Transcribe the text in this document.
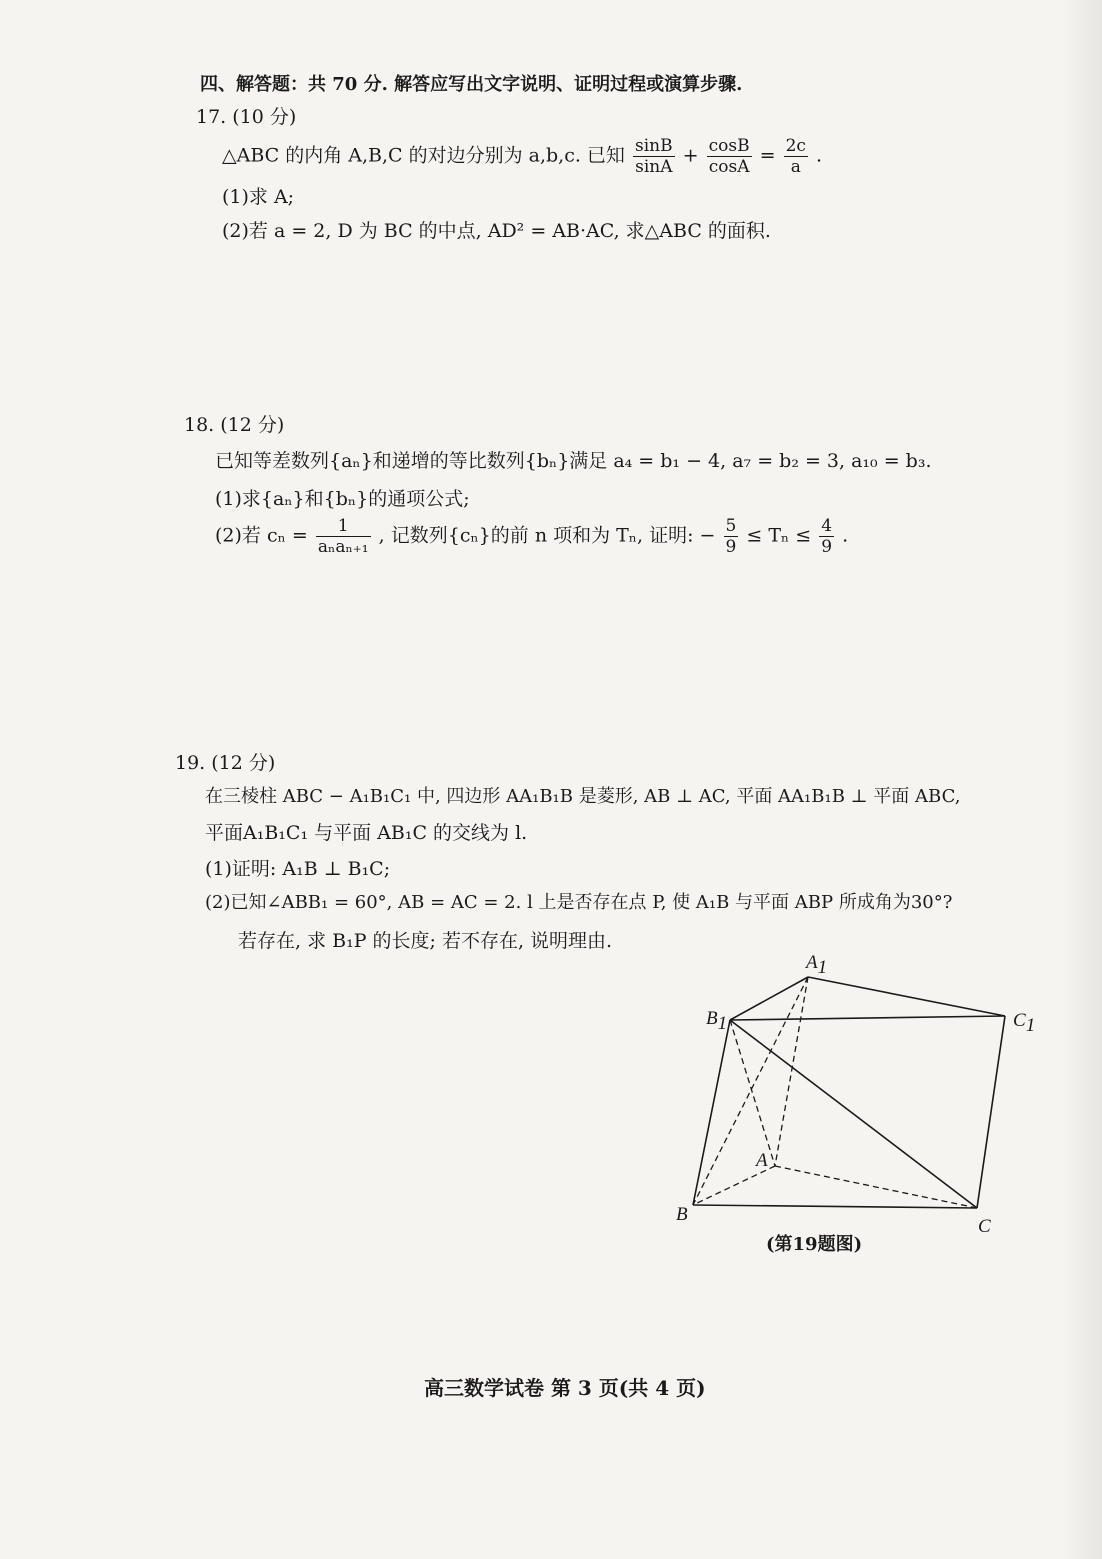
四、解答题：共 70 分. 解答应写出文字说明、证明过程或演算步骤.
17. (10 分)
△ABC 的内角 A,B,C 的对边分别为 a,b,c. 已知 $\frac{\sin B}{\sin A} + \frac{\cos B}{\cos A} = \frac{2c}{a}$ .
(1)求 A;
(2)若 a = 2, D 为 BC 的中点, AD² = AB·AC, 求△ABC 的面积.
18. (12 分)
已知等差数列{aₙ}和递增的等比数列{bₙ}满足 a₄ = b₁ − 4, a₇ = b₂ = 3, a₁₀ = b₃.
(1)求{aₙ}和{bₙ}的通项公式;
(2)若 $c_n = \frac{1}{\text{aₙaₙ₊₁}}$ , 记数列{cₙ}的前 n 项和为 Tₙ, 证明: − $\frac{5}{9} \le T_n \le \frac{4}{9}$ .
19. (12 分)
在三棱柱 ABC − A₁B₁C₁ 中, 四边形 AA₁B₁B 是菱形, AB ⊥ AC, 平面 AA₁B₁B ⊥ 平面 ABC,
平面A₁B₁C₁ 与平面 AB₁C 的交线为 l.
(1)证明: A₁B ⊥ B₁C;
(2)已知∠ABB₁ = 60°, AB = AC = 2. l 上是否存在点 P, 使 A₁B 与平面 ABP 所成角为30°?
若存在, 求 B₁P 的长度; 若不存在, 说明理由.
A1
B1	C1
A
B
C
(第19题图)
高三数学试卷 第 3 页(共 4 页)
